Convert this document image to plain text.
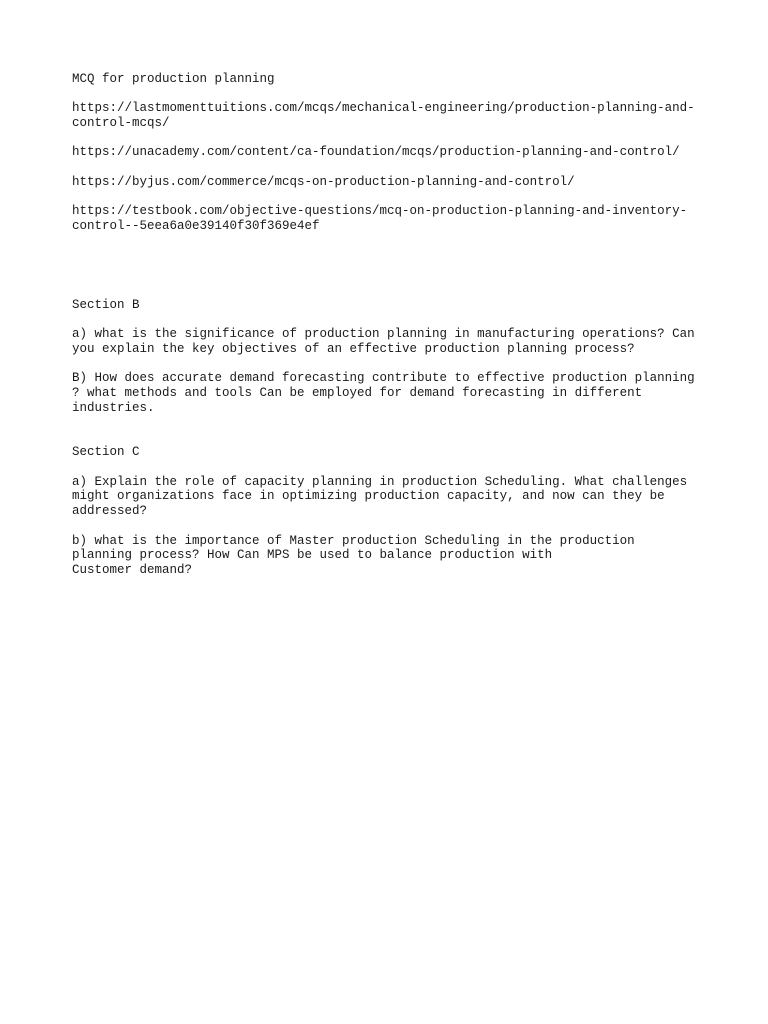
MCQ for production planning
https://lastmomenttuitions.com/mcqs/mechanical-engineering/production-planning-and-
control-mcqs/
https://unacademy.com/content/ca-foundation/mcqs/production-planning-and-control/
https://byjus.com/commerce/mcqs-on-production-planning-and-control/
https://testbook.com/objective-questions/mcq-on-production-planning-and-inventory-
control--5eea6a0e39140f30f369e4ef
Section B
a) what is the significance of production planning in manufacturing operations? Can
you explain the key objectives of an effective production planning process?
B) How does accurate demand forecasting contribute to effective production planning
? what methods and tools Can be employed for demand forecasting in different
industries.
Section C
a) Explain the role of capacity planning in production Scheduling. What challenges
might organizations face in optimizing production capacity, and now can they be
addressed?
b) what is the importance of Master production Scheduling in the production
planning process? How Can MPS be used to balance production with
Customer demand?
